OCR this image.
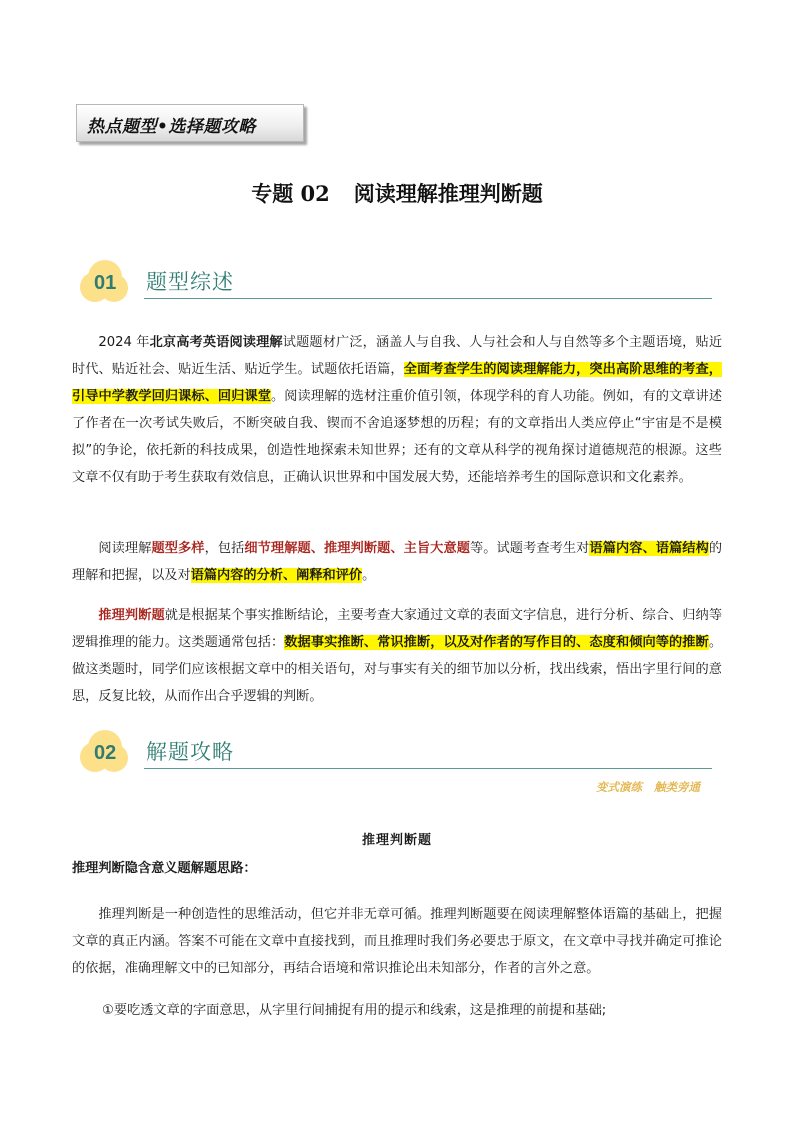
热点题型•选择题攻略
专题 02 阅读理解推理判断题
01 题型综述

2024 年北京高考英语阅读理解试题题材广泛，涵盖人与自我、人与社会和人与自然等多个主题语境，贴近时代、贴近社会、贴近生活、贴近学生。试题依托语篇，全面考查学生的阅读理解能力，突出高阶思维的考查，引导中学教学回归课标、回归课堂。阅读理解的选材注重价值引领，体现学科的育人功能。例如，有的文章讲述了作者在一次考试失败后，不断突破自我、锲而不舍追逐梦想的历程；有的文章指出人类应停止“宇宙是不是模拟”的争论，依托新的科技成果，创造性地探索未知世界；还有的文章从科学的视角探讨道德规范的根源。这些文章不仅有助于考生获取有效信息，正确认识世界和中国发展大势，还能培养考生的国际意识和文化素养。

阅读理解题型多样，包括细节理解题、推理判断题、主旨大意题等。试题考查考生对语篇内容、语篇结构的理解和把握，以及对语篇内容的分析、阐释和评价。

推理判断题就是根据某个事实推断结论，主要考查大家通过文章的表面文字信息，进行分析、综合、归纳等逻辑推理的能力。这类题通常包括：数据事实推断、常识推断，以及对作者的写作目的、态度和倾向等的推断。 做这类题时，同学们应该根据文章中的相关语句，对与事实有关的细节加以分析，找出线索，悟出字里行间的意思，反复比较，从而作出合乎逻辑的判断。

02 解题攻略
变式演练 触类旁通
推理判断题
推理判断隐含意义题解题思路：

推理判断是一种创造性的思维活动，但它并非无章可循。推理判断题要在阅读理解整体语篇的基础上，把握文章的真正内涵。答案不可能在文章中直接找到，而且推理时我们务必要忠于原文，在文章中寻找并确定可推论的依据，准确理解文中的已知部分，再结合语境和常识推论出未知部分，作者的言外之意。

①要吃透文章的字面意思，从字里行间捕捉有用的提示和线索，这是推理的前提和基础;
